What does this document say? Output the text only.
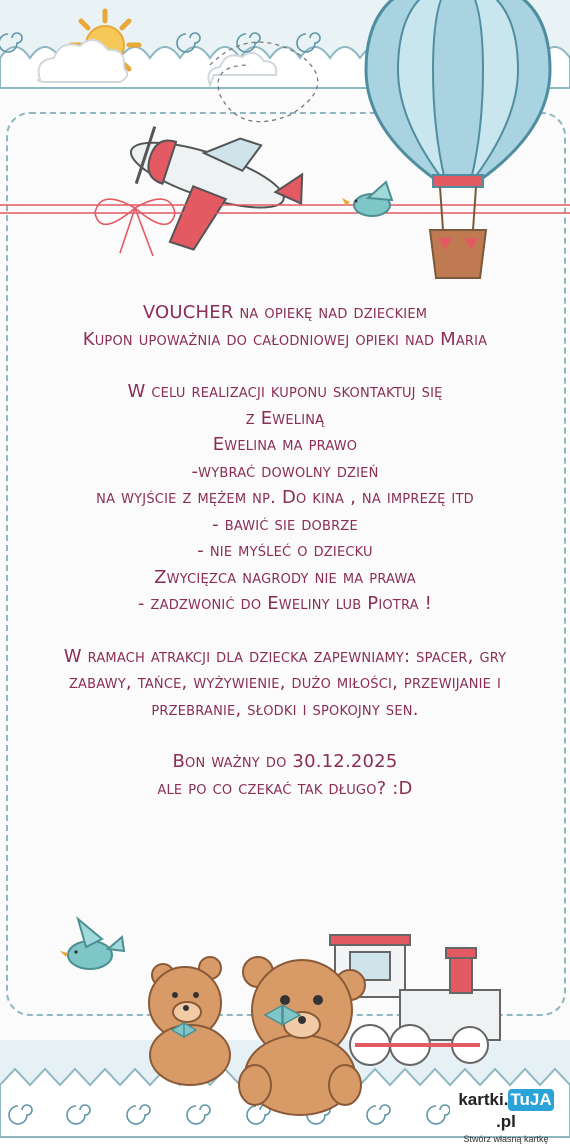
VOUCHER na opiekę nad dzieckiem

Kupon upoważnia do całodniowej opieki nad Maria

W celu realizacji kuponu skontaktuj się

z Eweliną

Ewelina ma prawo

-wybrać dowolny dzień

na wyjście z mężem np. Do kina , na imprezę itd

- bawić sie dobrze

- nie myśleć o dziecku

Zwycięzca nagrody nie ma prawa

- zadzwonić do Eweliny lub Piotra !

W ramach atrakcji dla dziecka zapewniamy: spacer, gry

zabawy, tańce, wyżywienie, dużo miłości, przewijanie i

przebranie, słodki i spokojny sen.

Bon ważny do 30.12.2025

ale po co czekać tak długo? :D

kartki. TuJA.pl
Stwórz własną kartkę
